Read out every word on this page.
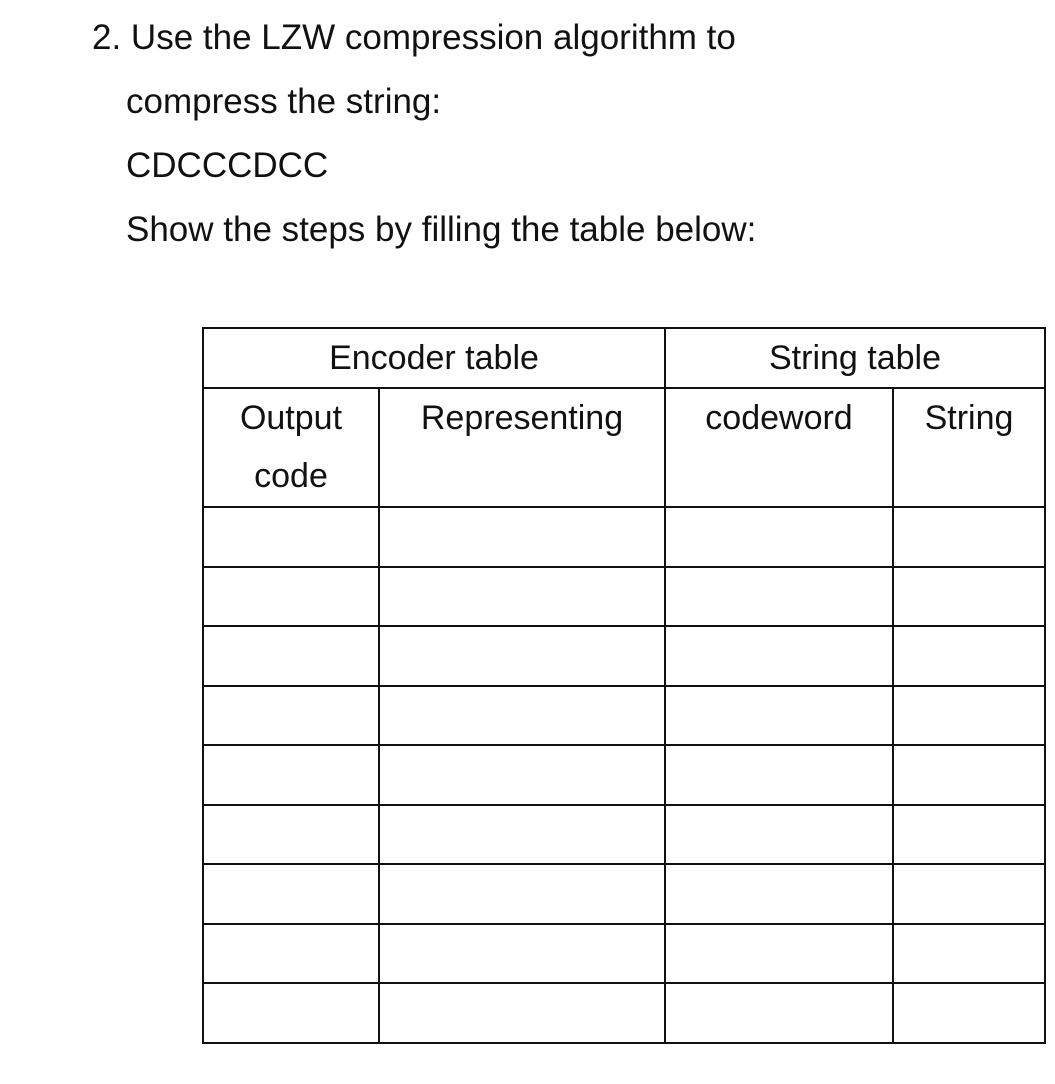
2. Use the LZW compression algorithm to
compress the string:
CDCCCDCC
Show the steps by filling the table below:
Encoder table		String table	
Output code	Representing	codeword	String
